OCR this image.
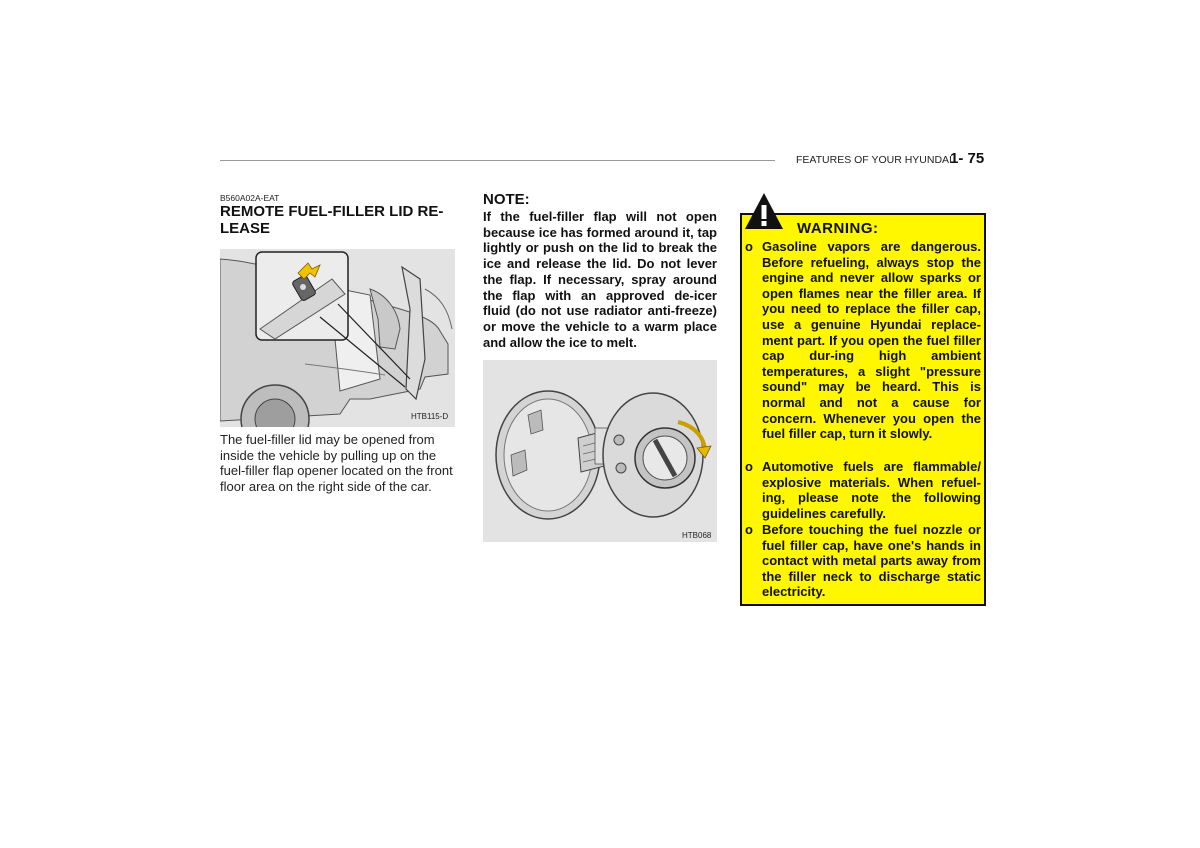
FEATURES OF YOUR HYUNDAI
1- 75
B560A02A-EAT
REMOTE FUEL-FILLER LID RE-LEASE
HTB115-D
The fuel-filler lid may be opened from inside the vehicle by pulling up on the fuel-filler flap opener located on the front floor area on the right side of the car.
NOTE:
If the fuel-filler flap will not open because ice has formed around it, tap lightly or push on the lid to break the ice and release the lid. Do not lever the flap. If necessary, spray around the flap with an approved de-icer fluid (do not use radiator anti-freeze) or move the vehicle to a warm place and allow the ice to melt.
HTB068
WARNING:
o Gasoline vapors are dangerous. Before refueling, always stop the engine and never allow sparks or open flames near the filler area. If you need to replace the filler cap, use a genuine Hyundai replace-ment part. If you open the fuel filler cap dur-ing high ambient temperatures, a slight "pressure sound" may be heard. This is normal and not a cause for concern. Whenever you open the fuel filler cap, turn it slowly.
o Automotive fuels are flammable/ explosive materials. When refuel-ing, please note the following guidelines carefully.
o Before touching the fuel nozzle or fuel filler cap, have one's hands in contact with metal parts away from the filler neck to discharge static electricity.
